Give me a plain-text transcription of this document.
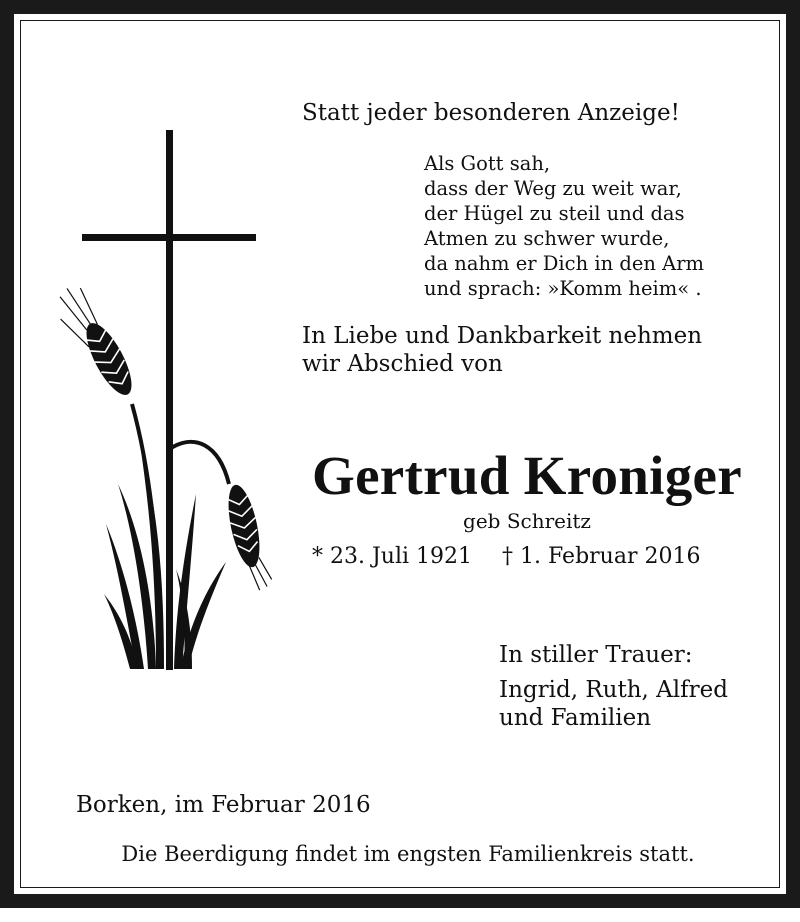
Statt jeder besonderen Anzeige!
Als Gott sah,
dass der Weg zu weit war,
der Hügel zu steil und das
Atmen zu schwer wurde,
da nahm er Dich in den Arm
und sprach: »Komm heim« .
In Liebe und Dankbarkeit nehmen
wir Abschied von
Gertrud Kroniger
geb Schreitz
* 23. Juli 1921 † 1. Februar 2016
In stiller Trauer:
Ingrid, Ruth, Alfred
und Familien
Borken, im Februar 2016
Die Beerdigung findet im engsten Familienkreis statt.
